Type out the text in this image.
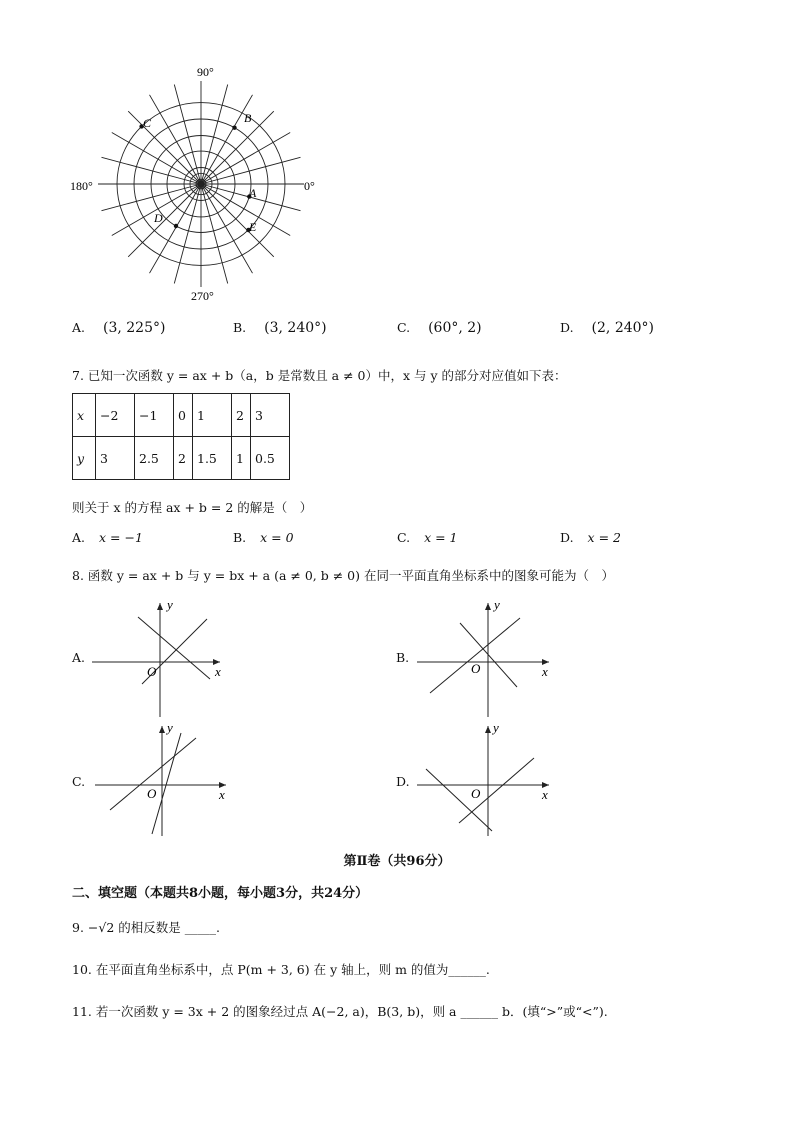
90°
180°	0°
270°
A
B
C
D
E
A. (3, 225°)	B. (3, 240°)	C. (60°, 2)	D. (2, 240°)
7. 已知一次函数 y = ax + b（a，b 是常数且 a ≠ 0）中，x 与 y 的部分对应值如下表：
x	−2	−1	0	1	2	3
y	3	2.5	2	1.5	1	0.5
则关于 x 的方程 ax + b = 2 的解是（　）
A. x = −1	B. x = 0	C. x = 1	D. x = 2
8. 函数 y = ax + b 与 y = bx + a (a ≠ 0, b ≠ 0) 在同一平面直角坐标系中的图象可能为（　）
A.	B.
C.	D.
y
x
O
y
x
O
y
x
O
y
x
O
第Ⅱ卷（共96分）
二、填空题（本题共8小题，每小题3分，共24分）
9. −√2 的相反数是 _____.
10. 在平面直角坐标系中，点 P(m + 3, 6) 在 y 轴上，则 m 的值为______.
11. 若一次函数 y = 3x + 2 的图象经过点 A(−2, a)，B(3, b)，则 a ______ b．(填“>”或“<”).
